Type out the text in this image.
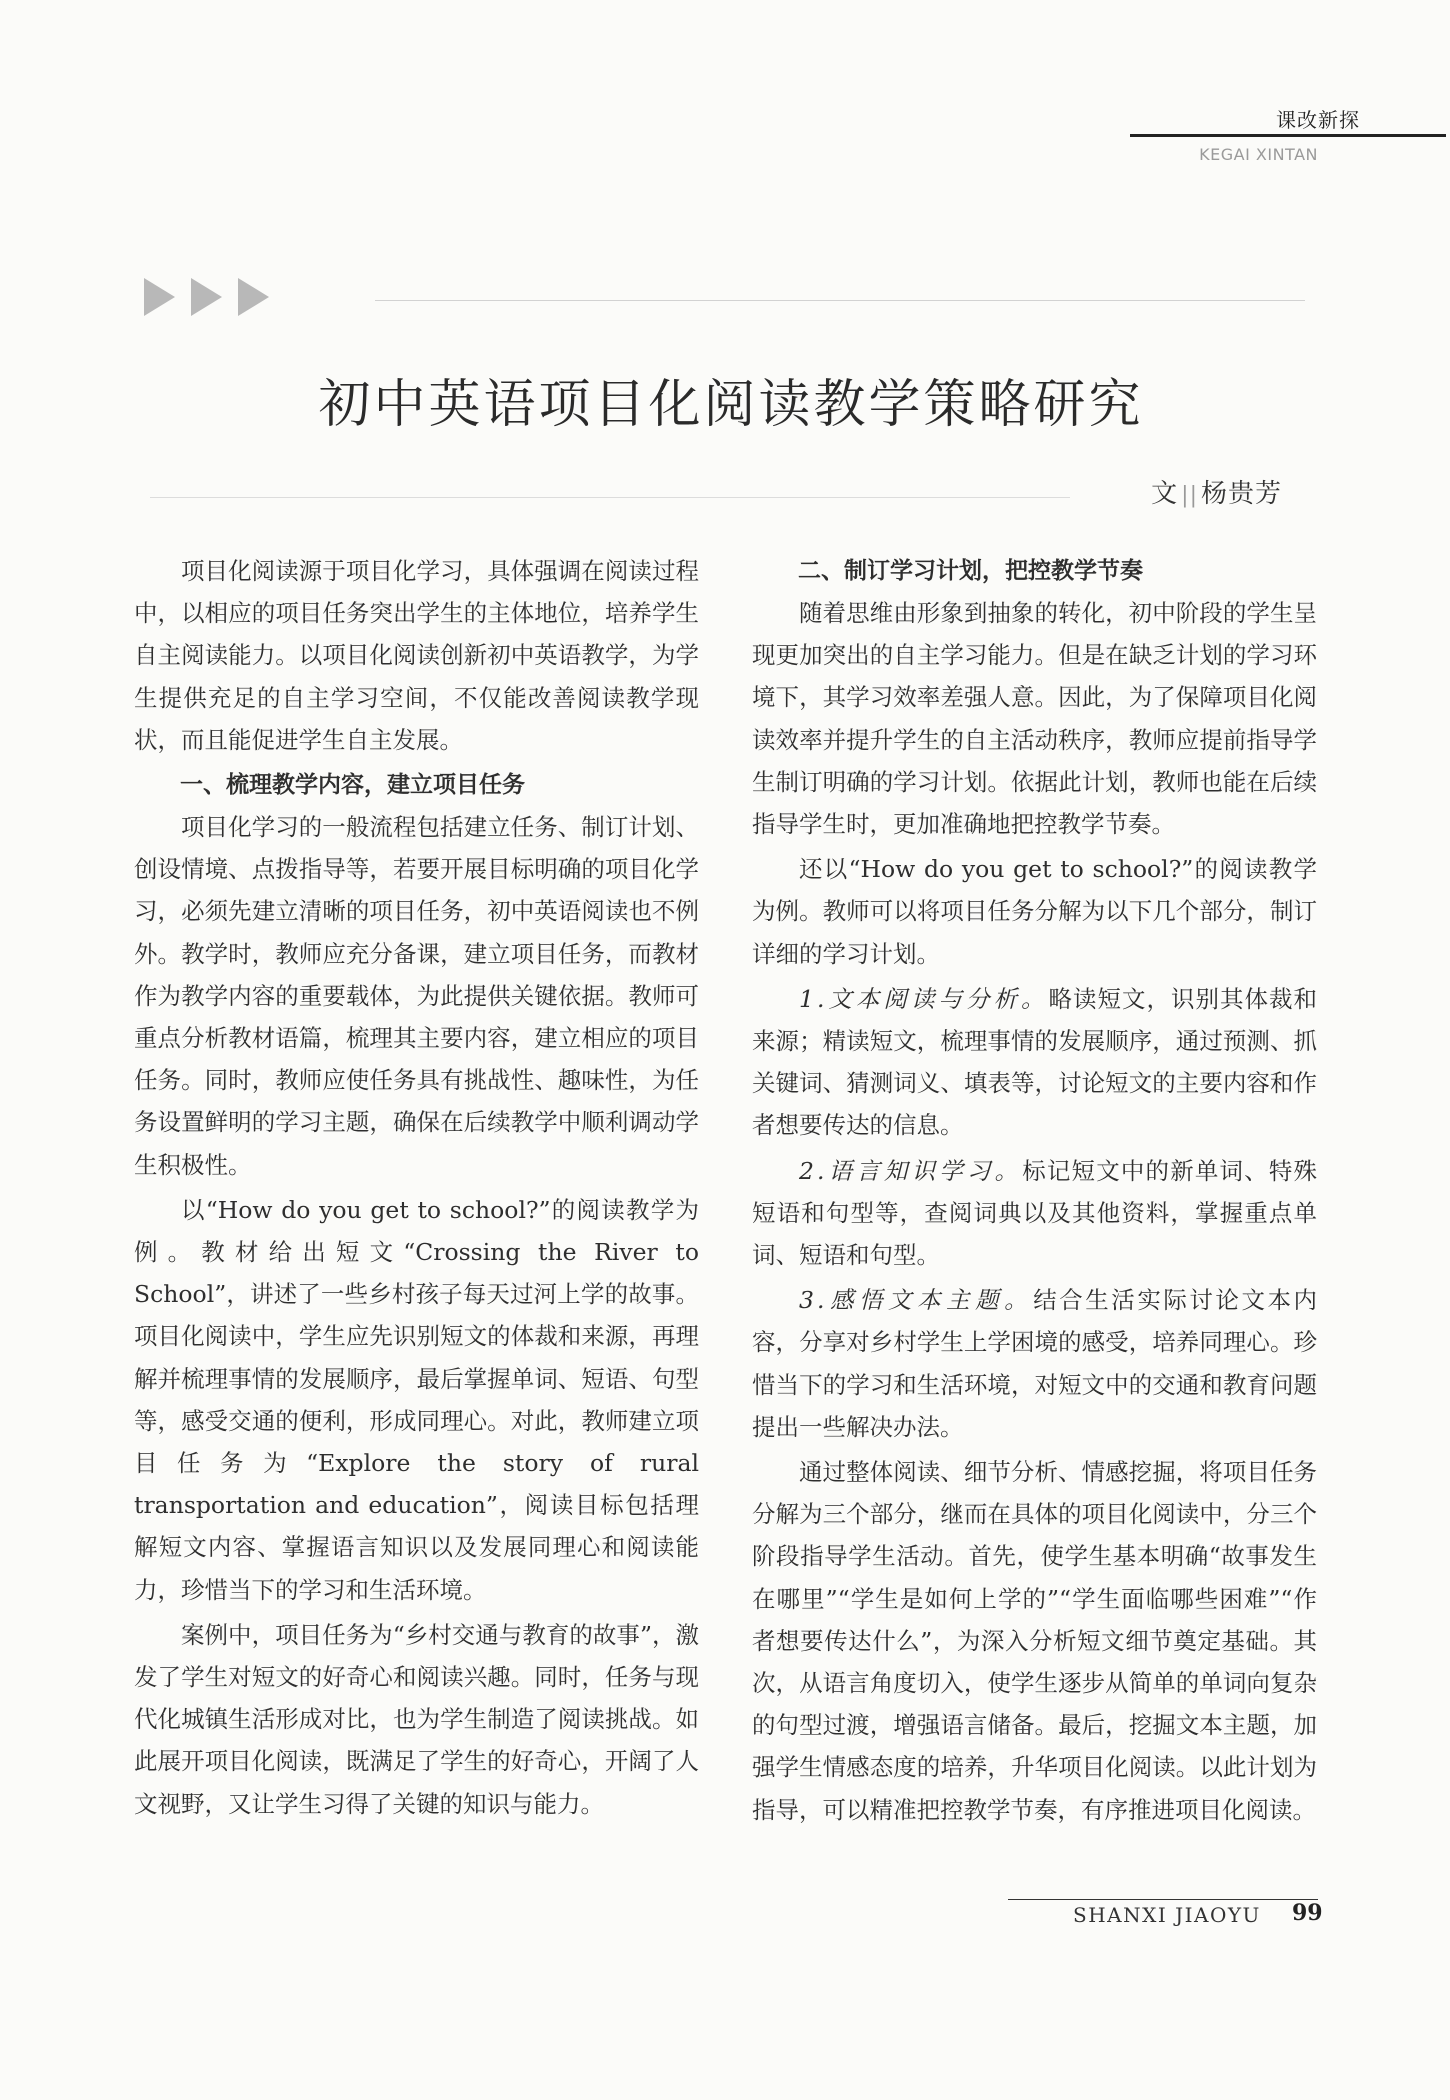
课改新探
KEGAI XINTAN
初中英语项目化阅读教学策略研究
文 || 杨贵芳

项目化阅读源于项目化学习，具体强调在阅读过程中，以相应的项目任务突出学生的主体地位，培养学生自主阅读能力。以项目化阅读创新初中英语教学，为学生提供充足的自主学习空间，不仅能改善阅读教学现状，而且能促进学生自主发展。

一、梳理教学内容，建立项目任务

项目化学习的一般流程包括建立任务、制订计划、创设情境、点拨指导等，若要开展目标明确的项目化学习，必须先建立清晰的项目任务，初中英语阅读也不例外。教学时，教师应充分备课，建立项目任务，而教材作为教学内容的重要载体，为此提供关键依据。教师可重点分析教材语篇，梳理其主要内容，建立相应的项目任务。同时，教师应使任务具有挑战性、趣味性，为任务设置鲜明的学习主题，确保在后续教学中顺利调动学生积极性。

以“How do you get to school?”的阅读教学为例。教材给出短文“Crossing the River to School”，讲述了一些乡村孩子每天过河上学的故事。项目化阅读中，学生应先识别短文的体裁和来源，再理解并梳理事情的发展顺序，最后掌握单词、短语、句型等，感受交通的便利，形成同理心。对此，教师建立项目任务为“Explore the story of rural transportation and education”，阅读目标包括理解短文内容、掌握语言知识以及发展同理心和阅读能力，珍惜当下的学习和生活环境。

案例中，项目任务为“乡村交通与教育的故事”，激发了学生对短文的好奇心和阅读兴趣。同时，任务与现代化城镇生活形成对比，也为学生制造了阅读挑战。如此展开项目化阅读，既满足了学生的好奇心，开阔了人文视野，又让学生习得了关键的知识与能力。

二、制订学习计划，把控教学节奏

随着思维由形象到抽象的转化，初中阶段的学生呈现更加突出的自主学习能力。但是在缺乏计划的学习环境下，其学习效率差强人意。因此，为了保障项目化阅读效率并提升学生的自主活动秩序，教师应提前指导学生制订明确的学习计划。依据此计划，教师也能在后续指导学生时，更加准确地把控教学节奏。

还以“How do you get to school?”的阅读教学为例。教师可以将项目任务分解为以下几个部分，制订详细的学习计划。

1.文本阅读与分析。略读短文，识别其体裁和来源；精读短文，梳理事情的发展顺序，通过预测、抓关键词、猜测词义、填表等，讨论短文的主要内容和作者想要传达的信息。

2.语言知识学习。标记短文中的新单词、特殊短语和句型等，查阅词典以及其他资料，掌握重点单词、短语和句型。

3.感悟文本主题。结合生活实际讨论文本内容，分享对乡村学生上学困境的感受，培养同理心。珍惜当下的学习和生活环境，对短文中的交通和教育问题提出一些解决办法。

通过整体阅读、细节分析、情感挖掘，将项目任务分解为三个部分，继而在具体的项目化阅读中，分三个阶段指导学生活动。首先，使学生基本明确“故事发生在哪里”“学生是如何上学的”“学生面临哪些困难”“作者想要传达什么”，为深入分析短文细节奠定基础。其次，从语言角度切入，使学生逐步从简单的单词向复杂的句型过渡，增强语言储备。最后，挖掘文本主题，加强学生情感态度的培养，升华项目化阅读。以此计划为指导，可以精准把控教学节奏，有序推进项目化阅读。

SHANXI JIAOYU 99
